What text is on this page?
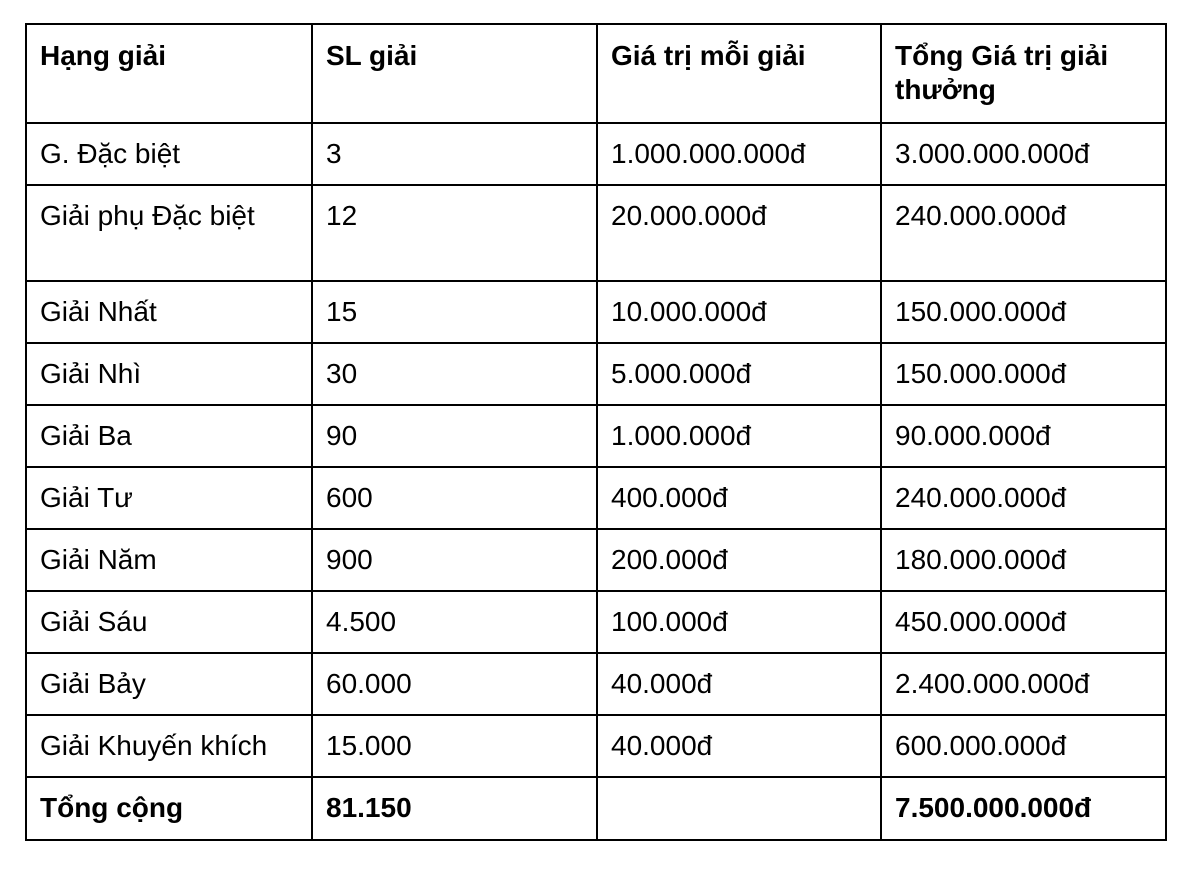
Hạng giải	SL giải	Giá trị mỗi giải	Tổng Giá trị giải thưởng
G. Đặc biệt	3	1.000.000.000đ	3.000.000.000đ
Giải phụ Đặc biệt	12	20.000.000đ	240.000.000đ
Giải Nhất	15	10.000.000đ	150.000.000đ
Giải Nhì	30	5.000.000đ	150.000.000đ
Giải Ba	90	1.000.000đ	90.000.000đ
Giải Tư	600	400.000đ	240.000.000đ
Giải Năm	900	200.000đ	180.000.000đ
Giải Sáu	4.500	100.000đ	450.000.000đ
Giải Bảy	60.000	40.000đ	2.400.000.000đ
Giải Khuyến khích	15.000	40.000đ	600.000.000đ
Tổng cộng	81.150		7.500.000.000đ
